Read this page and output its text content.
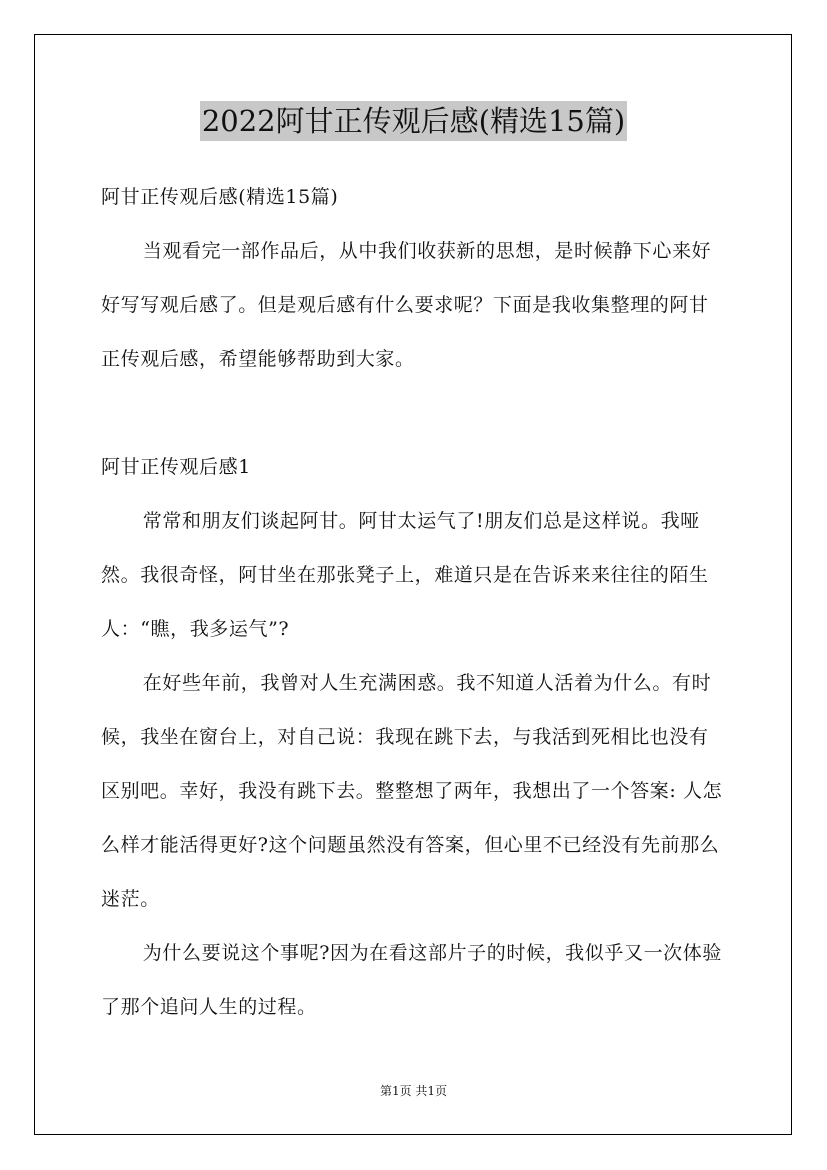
2022阿甘正传观后感(精选15篇)

阿甘正传观后感(精选15篇)

当观看完一部作品后，从中我们收获新的思想，是时候静下心来好好写写观后感了。但是观后感有什么要求呢？下面是我收集整理的阿甘正传观后感，希望能够帮助到大家。

阿甘正传观后感1

常常和朋友们谈起阿甘。阿甘太运气了!朋友们总是这样说。我哑然。我很奇怪，阿甘坐在那张凳子上，难道只是在告诉来来往往的陌生人：“瞧，我多运气”?

在好些年前，我曾对人生充满困惑。我不知道人活着为什么。有时候，我坐在窗台上，对自己说：我现在跳下去，与我活到死相比也没有区别吧。幸好，我没有跳下去。整整想了两年，我想出了一个答案: 人怎么样才能活得更好?这个问题虽然没有答案，但心里不已经没有先前那么迷茫。

为什么要说这个事呢?因为在看这部片子的时候，我似乎又一次体验了那个追问人生的过程。

第1页 共1页
